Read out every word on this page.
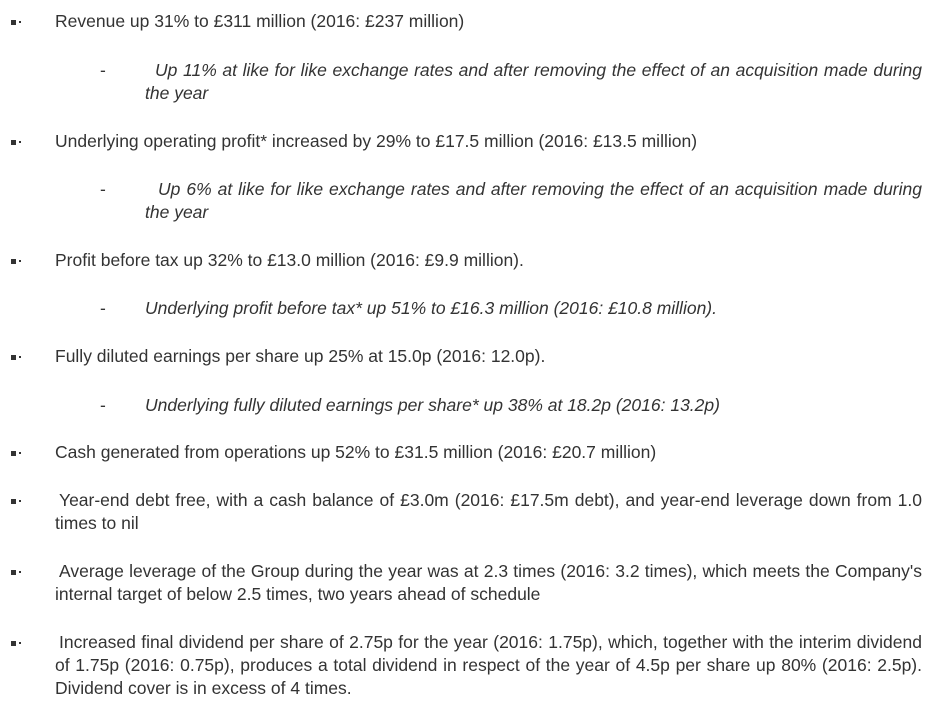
Revenue up 31% to £311 million (2016: £237 million)

-	Up 11% at like for like exchange rates and after removing the effect of an acquisition made during the year

Underlying operating profit* increased by 29% to £17.5 million (2016: £13.5 million)

-	Up 6% at like for like exchange rates and after removing the effect of an acquisition made during the year

Profit before tax up 32% to £13.0 million (2016: £9.9 million).

- Underlying profit before tax* up 51% to £16.3 million (2016: £10.8 million).

Fully diluted earnings per share up 25% at 15.0p (2016: 12.0p).

- Underlying fully diluted earnings per share* up 38% at 18.2p (2016: 13.2p)

Cash generated from operations up 52% to £31.5 million (2016: £20.7 million)

Year-end debt free, with a cash balance of £3.0m (2016: £17.5m debt), and year-end leverage down from 1.0 times to nil

Average leverage of the Group during the year was at 2.3 times (2016: 3.2 times), which meets the Company's internal target of below 2.5 times, two years ahead of schedule

Increased final dividend per share of 2.75p for the year (2016: 1.75p), which, together with the interim dividend of 1.75p (2016: 0.75p), produces a total dividend in respect of the year of 4.5p per share up 80% (2016: 2.5p). Dividend cover is in excess of 4 times.
